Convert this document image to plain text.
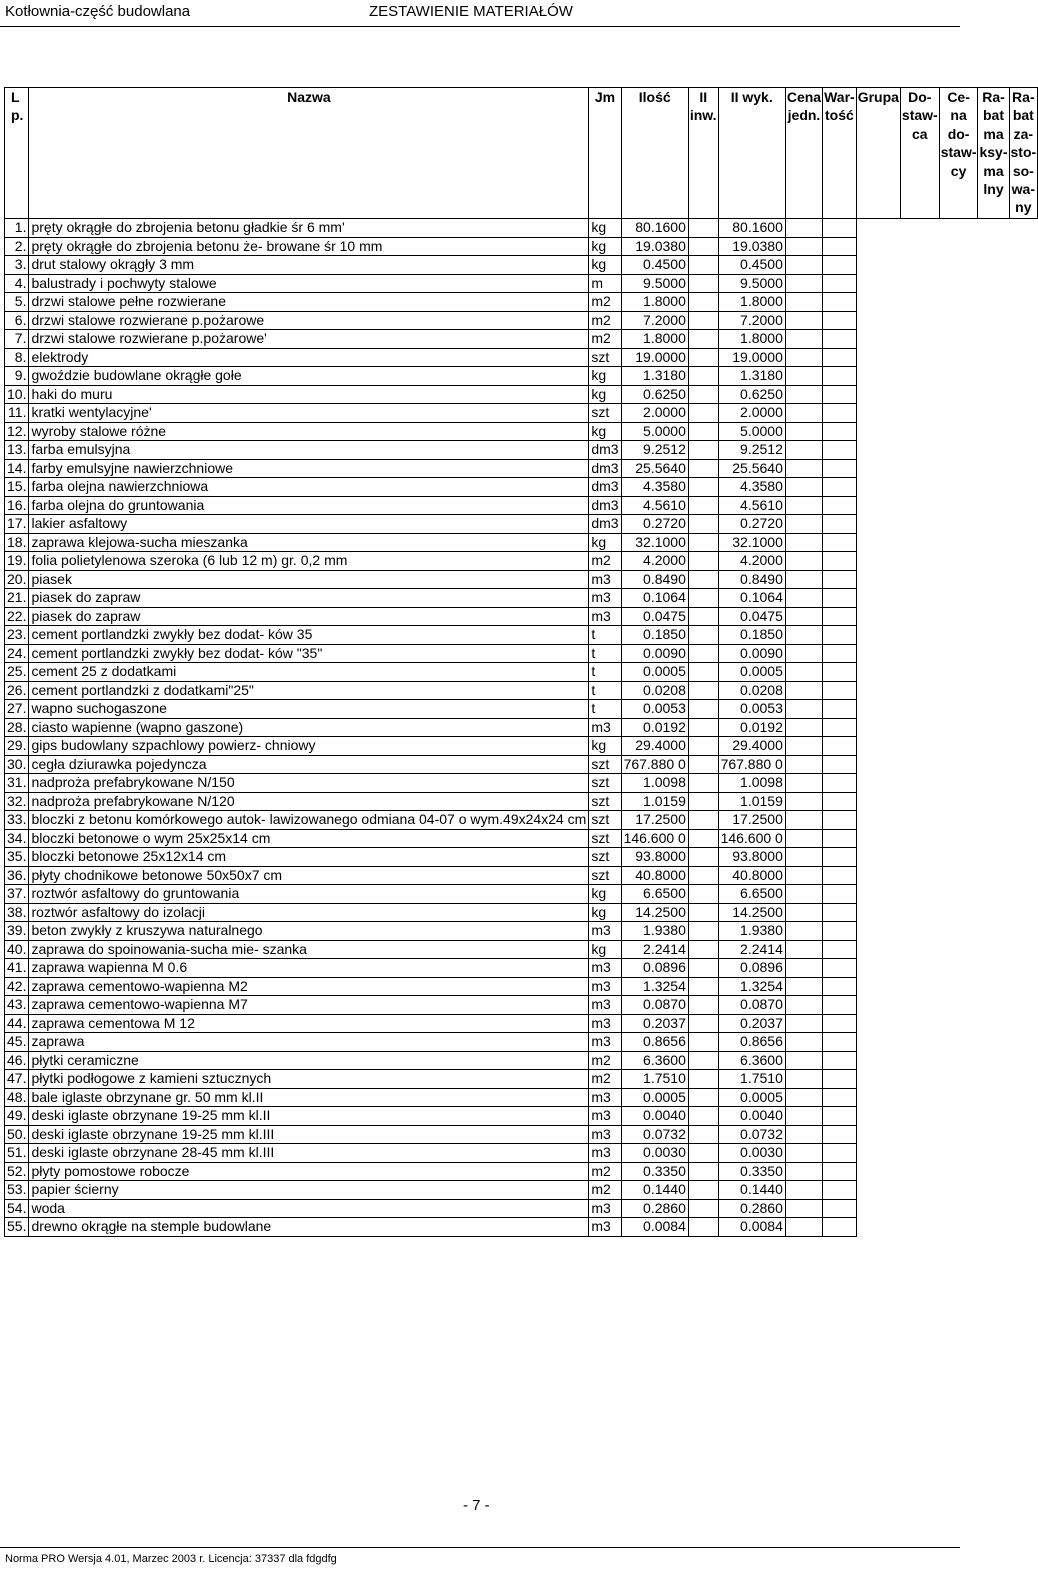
Kotłownia-część budowlana	ZESTAWIENIE MATERIAŁÓW
L p.	Nazwa	Jm	Ilość	II inw.	II wyk.	Cena jedn.	War- tość	Grupa	Do- staw- ca	Ce- na do- staw- cy	Ra- bat ma ksy- ma lny	Ra- bat za- sto- so- wa- ny
1.	pręty okrągłe do zbrojenia betonu gładkie śr 6 mm'	kg	80.1600		80.1600							
2.	pręty okrągłe do zbrojenia betonu że- browane śr 10 mm	kg	19.0380		19.0380							
3.	drut stalowy okrągły 3 mm	kg	0.4500		0.4500							
4.	balustrady i pochwyty stalowe	m	9.5000		9.5000							
5.	drzwi stalowe pełne rozwierane	m2	1.8000		1.8000							
6.	drzwi stalowe rozwierane p.pożarowe	m2	7.2000		7.2000							
7.	drzwi stalowe rozwierane p.pożarowe'	m2	1.8000		1.8000							
8.	elektrody	szt	19.0000		19.0000							
9.	gwoździe budowlane okrągłe gołe	kg	1.3180		1.3180							
10.	haki do muru	kg	0.6250		0.6250							
11.	kratki wentylacyjne'	szt	2.0000		2.0000							
12.	wyroby stalowe różne	kg	5.0000		5.0000							
13.	farba emulsyjna	dm3	9.2512		9.2512							
14.	farby emulsyjne nawierzchniowe	dm3	25.5640		25.5640							
15.	farba olejna nawierzchniowa	dm3	4.3580		4.3580							
16.	farba olejna do gruntowania	dm3	4.5610		4.5610							
17.	lakier asfaltowy	dm3	0.2720		0.2720							
18.	zaprawa klejowa-sucha mieszanka	kg	32.1000		32.1000							
19.	folia polietylenowa szeroka (6 lub 12 m) gr. 0,2 mm	m2	4.2000		4.2000							
20.	piasek	m3	0.8490		0.8490							
21.	piasek do zapraw	m3	0.1064		0.1064							
22.	piasek do zapraw	m3	0.0475		0.0475							
23.	cement portlandzki zwykły bez dodat- ków 35	t	0.1850		0.1850							
24.	cement portlandzki zwykły bez dodat- ków "35"	t	0.0090		0.0090							
25.	cement 25 z dodatkami	t	0.0005		0.0005							
26.	cement portlandzki z dodatkami"25"	t	0.0208		0.0208							
27.	wapno suchogaszone	t	0.0053		0.0053							
28.	ciasto wapienne (wapno gaszone)	m3	0.0192		0.0192							
29.	gips budowlany szpachlowy powierz- chniowy	kg	29.4000		29.4000							
30.	cegła dziurawka pojedyncza	szt	767.880 0		767.880 0							
31.	nadproża prefabrykowane N/150	szt	1.0098		1.0098							
32.	nadproża prefabrykowane N/120	szt	1.0159		1.0159							
33.	bloczki z betonu komórkowego autok- lawizowanego odmiana 04-07 o wym.49x24x24 cm	szt	17.2500		17.2500							
34.	bloczki betonowe o wym 25x25x14 cm	szt	146.600 0		146.600 0							
35.	bloczki betonowe 25x12x14 cm	szt	93.8000		93.8000							
36.	płyty chodnikowe betonowe 50x50x7 cm	szt	40.8000		40.8000							
37.	roztwór asfaltowy do gruntowania	kg	6.6500		6.6500							
38.	roztwór asfaltowy do izolacji	kg	14.2500		14.2500							
39.	beton zwykły z kruszywa naturalnego	m3	1.9380		1.9380							
40.	zaprawa do spoinowania-sucha mie- szanka	kg	2.2414		2.2414							
41.	zaprawa wapienna M 0.6	m3	0.0896		0.0896							
42.	zaprawa cementowo-wapienna M2	m3	1.3254		1.3254							
43.	zaprawa cementowo-wapienna M7	m3	0.0870		0.0870							
44.	zaprawa cementowa M 12	m3	0.2037		0.2037							
45.	zaprawa	m3	0.8656		0.8656							
46.	płytki ceramiczne	m2	6.3600		6.3600							
47.	płytki podłogowe z kamieni sztucznych	m2	1.7510		1.7510							
48.	bale iglaste obrzynane gr. 50 mm kl.II	m3	0.0005		0.0005							
49.	deski iglaste obrzynane 19-25 mm kl.II	m3	0.0040		0.0040							
50.	deski iglaste obrzynane 19-25 mm kl.III	m3	0.0732		0.0732							
51.	deski iglaste obrzynane 28-45 mm kl.III	m3	0.0030		0.0030							
52.	płyty pomostowe robocze	m2	0.3350		0.3350							
53.	papier ścierny	m2	0.1440		0.1440							
54.	woda	m3	0.2860		0.2860							
55.	drewno okrągłe na stemple budowlane	m3	0.0084		0.0084							
- 7 -
Norma PRO Wersja 4.01, Marzec 2003 r. Licencja: 37337 dla fdgdfg
